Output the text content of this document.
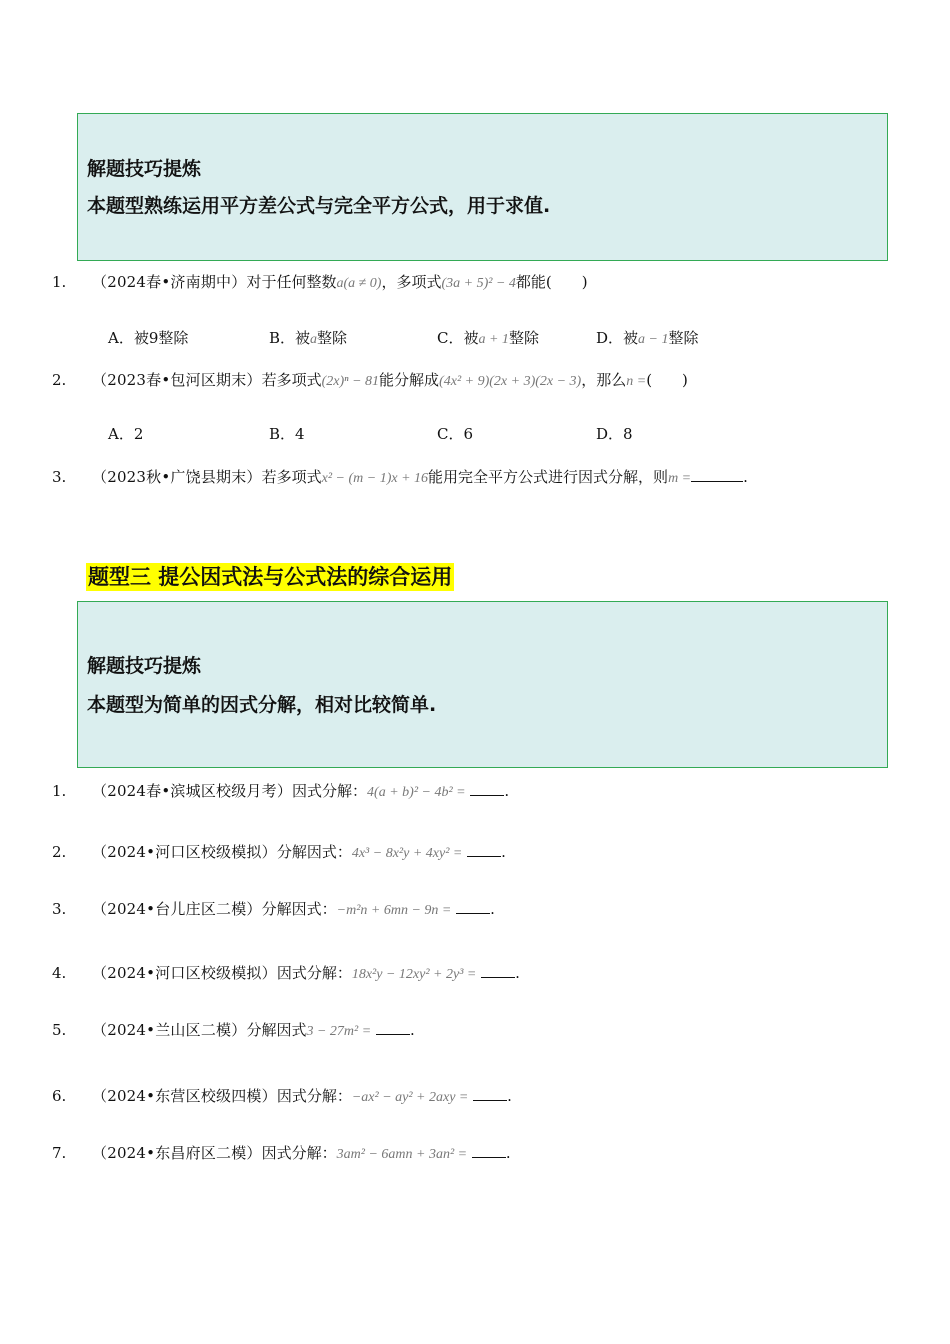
解题技巧提炼
本题型熟练运用平方差公式与完全平方公式，用于求值.
1. （2024春•济南期中）对于任何整数a(a ≠ 0)，多项式(3a + 5)² − 4都能(　　)
A．被9整除	B．被a整除	C．被a + 1整除	D．被a − 1整除
2. （2023春•包河区期末）若多项式(2x)ⁿ − 81能分解成(4x² + 9)(2x + 3)(2x − 3)，那么n =(　　)
A．2	B．4	C．6	D．8
3. （2023秋•广饶县期末）若多项式x² − (m − 1)x + 16能用完全平方公式进行因式分解，则m =	.
题型三 提公因式法与公式法的综合运用
解题技巧提炼
本题型为简单的因式分解，相对比较简单.
1. （2024春•滨城区校级月考）因式分解：4(a + b)² − 4b² =	.
2. （2024•河口区校级模拟）分解因式：4x³ − 8x²y + 4xy² =	.
3. （2024•台儿庄区二模）分解因式：−m²n + 6mn − 9n =	.
4. （2024•河口区校级模拟）因式分解：18x²y − 12xy² + 2y³ =	.
5. （2024•兰山区二模）分解因式3 − 27m² =	.
6. （2024•东营区校级四模）因式分解：−ax² − ay² + 2axy =	.
7. （2024•东昌府区二模）因式分解：3am² − 6amn + 3an² =	.
